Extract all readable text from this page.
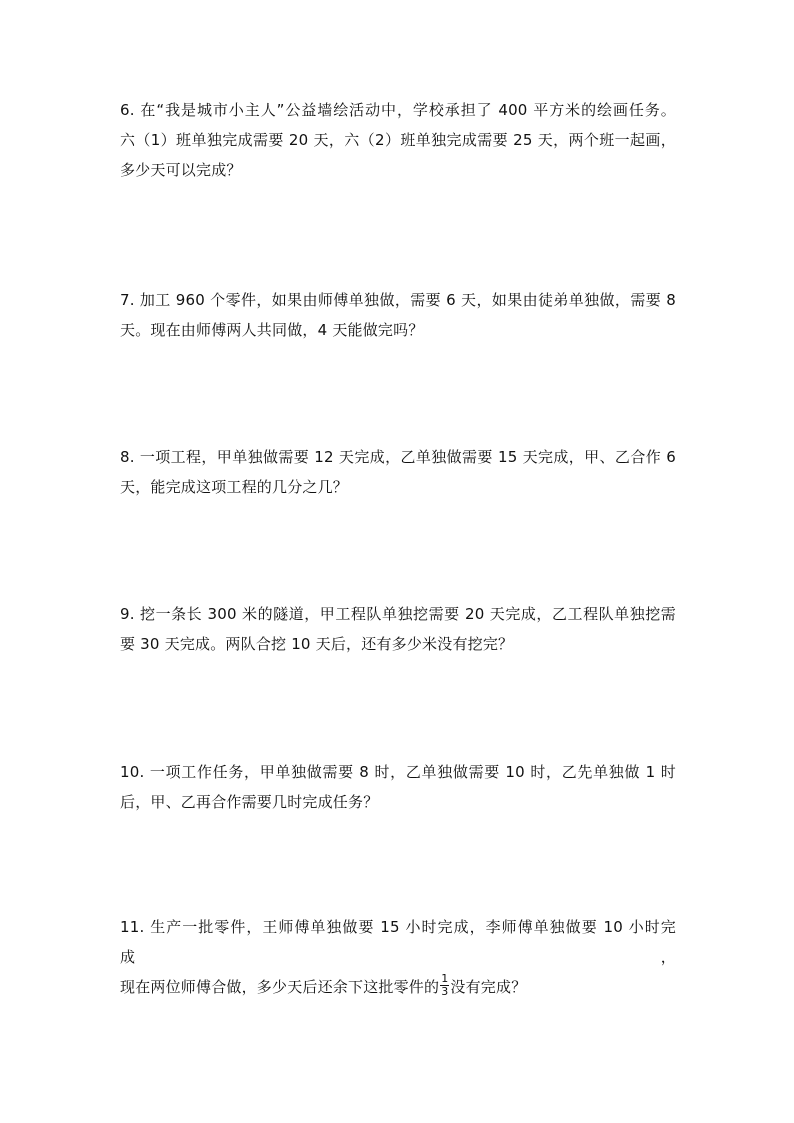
6. 在“我是城市小主人”公益墙绘活动中，学校承担了 400 平方米的绘画任务。
六（1）班单独完成需要 20 天，六（2）班单独完成需要 25 天，两个班一起画，
多少天可以完成？
7. 加工 960 个零件，如果由师傅单独做，需要 6 天，如果由徒弟单独做，需要 8
天。现在由师傅两人共同做，4 天能做完吗？
8. 一项工程，甲单独做需要 12 天完成，乙单独做需要 15 天完成，甲、乙合作 6
天，能完成这项工程的几分之几？
9. 挖一条长 300 米的隧道，甲工程队单独挖需要 20 天完成，乙工程队单独挖需
要 30 天完成。两队合挖 10 天后，还有多少米没有挖完？
10. 一项工作任务，甲单独做需要 8 时，乙单独做需要 10 时，乙先单独做 1 时
后，甲、乙再合作需要几时完成任务？
11. 生产一批零件，王师傅单独做要 15 小时完成，李师傅单独做要 10 小时完成，
现在两位师傅合做，多少天后还余下这批零件的 $\frac{1}{3}$ 没有完成？
